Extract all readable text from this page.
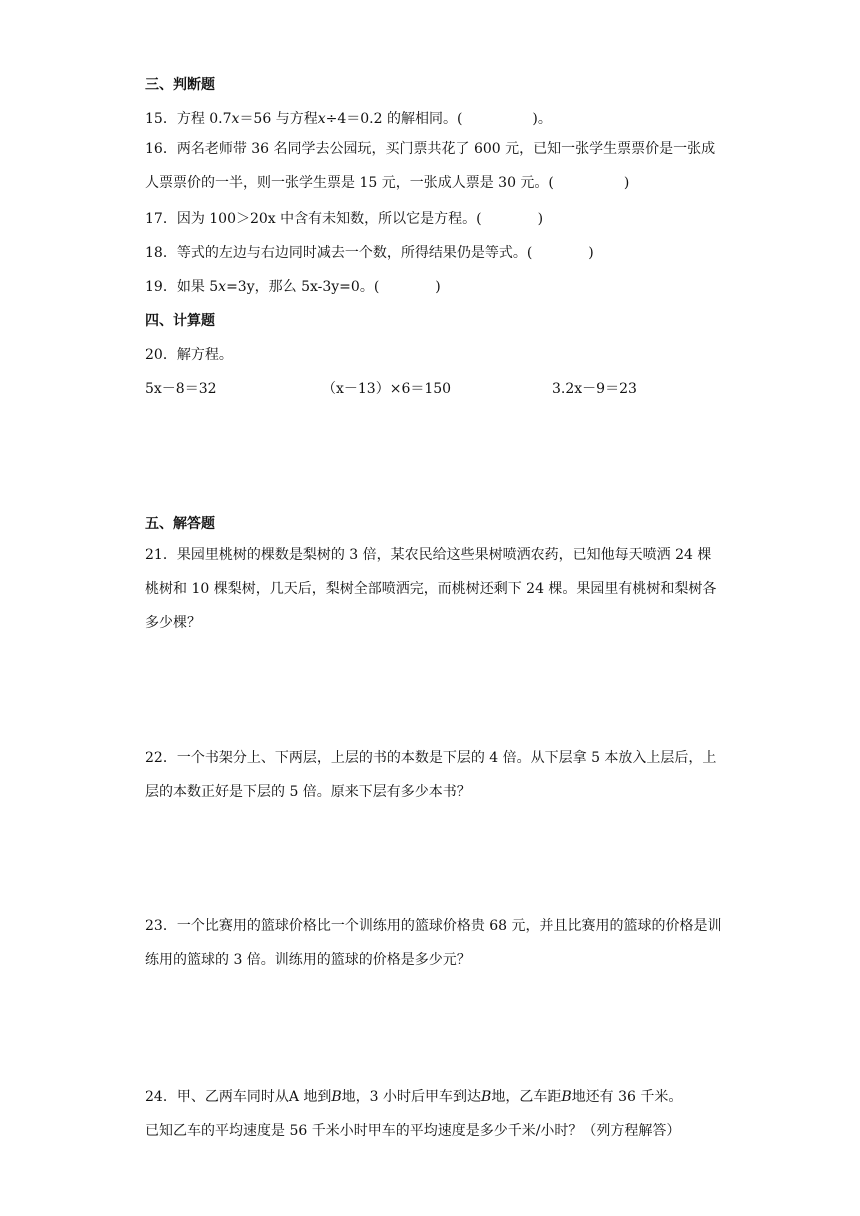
三、判断题
15．方程 0.7x＝56 与方程x÷4＝0.2 的解相同。(　　　　　)。
16．两名老师带 36 名同学去公园玩，买门票共花了 600 元，已知一张学生票票价是一张成人票票价的一半，则一张学生票是 15 元，一张成人票是 30 元。(　　　　　)
17．因为 100＞20x 中含有未知数，所以它是方程。(　　　　)
18．等式的左边与右边同时减去一个数，所得结果仍是等式。(　　　　)
19．如果 5x=3y，那么 5x-3y=0。(　　　　)
四、计算题
20．解方程。
5x－8＝32	（x－13）×6＝150	3.2x－9＝23
五、解答题
21．果园里桃树的棵数是梨树的 3 倍，某农民给这些果树喷洒农药，已知他每天喷洒 24 棵桃树和 10 棵梨树，几天后，梨树全部喷洒完，而桃树还剩下 24 棵。果园里有桃树和梨树各多少棵？
22．一个书架分上、下两层，上层的书的本数是下层的 4 倍。从下层拿 5 本放入上层后，上层的本数正好是下层的 5 倍。原来下层有多少本书？
23．一个比赛用的篮球价格比一个训练用的篮球价格贵 68 元，并且比赛用的篮球的价格是训练用的篮球的 3 倍。训练用的篮球的价格是多少元？
24．甲、乙两车同时从A 地到B地，3 小时后甲车到达B地，乙车距B地还有 36 千米。
已知乙车的平均速度是 56 千米小时甲车的平均速度是多少千米/小时？（列方程解答）
